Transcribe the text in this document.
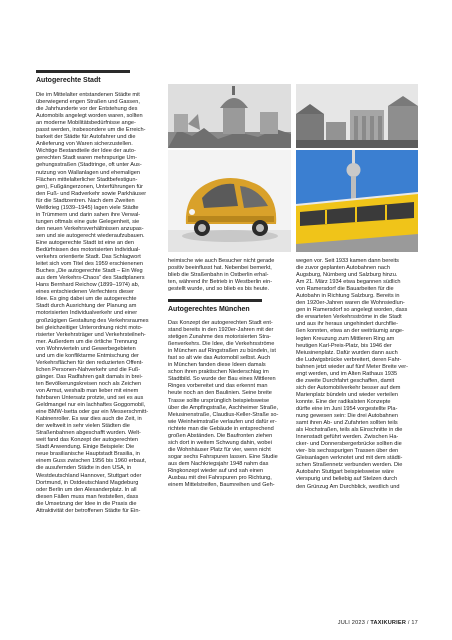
Autogerechte Stadt
Die im Mittelalter entstandenen Städte mit
überwiegend engen Straßen und Gassen,
die Jahrhunderte vor der Entstehung des
Automobils angelegt worden waren, sollten
an moderne Mobilitätsbedürfnisse ange-
passt werden, insbesondere um die Erreich-
barkeit der Städte für Autofahrer und die
Anlieferung von Waren sicherzustellen.
Wichtige Bestandteile der Idee der auto-
gerechten Stadt waren mehrspurige Um-
gehungsstraßen (Stadtringe, oft unter Aus-
nutzung von Wallanlagen und ehemaligen
Flächen mittelalterlicher Stadtbefestigun-
gen), Fußgängerzonen, Unterführungen für
den Fuß- und Radverkehr sowie Parkhäuser
für die Stadtzentren. Nach dem Zweiten
Weltkrieg (1939–1945) lagen viele Städte
in Trümmern und darin sahen ihre Verwal-
tungen oftmals eine gute Gelegenheit, sie
den neuen Verkehrsverhältnissen anzupas-
sen und sie autogerecht wiederaufzubauen.
Eine autogerechte Stadt ist eine an den
Bedürfnissen des motorisierten Individual-
verkehrs orientierte Stadt. Das Schlagwort
leitet sich vom Titel des 1959 erschienenen
Buches „Die autogerechte Stadt – Ein Weg
aus dem Verkehrs-Chaos“ des Stadtplaners
Hans Bernhard Reichow (1899–1974) ab,
eines entschiedenen Verfechters dieser
Idee. Es ging dabei um die autogerechte
Stadt durch Ausrichtung der Planung am
motorisierten Individualverkehr und einer
großzügigen Gestaltung des Verkehrsraumes
bei gleichzeitiger Unterordnung nicht moto-
risierter Verkehrsträger und Verkehrsteilneh-
mer. Außerdem um die örtliche Trennung
von Wohnvierteln und Gewerbegebieten
und um die konfliktarme Entmischung der
Verkehrsflächen für den reduzierten Öffent-
lichen Personen-Nahverkehr und die Fuß-
gänger. Das Radfahren galt damals in brei-
ten Bevölkerungskreisen noch als Zeichen
von Armut, weshalb man lieber mit einem
fahrbaren Untersatz protzte, und sei es aus
Geldmangel nur ein lachhaftes Goggomobil,
eine BMW-Isetta oder gar ein Messerschmitt-
Kabinenroller. Es war dies auch die Zeit, in
der weltweit in sehr vielen Städten die
Straßenbahnen abgeschafft wurden. Welt-
weit fand das Konzept der autogerechten
Stadt Anwendung. Einige Beispiele: Die
neue brasilianische Hauptstadt Brasilia, in
einem Guss zwischen 1956 bis 1960 erbaut,
die ausufernden Städte in den USA, in
Westdeutschland Hannover, Stuttgart oder
Dortmund, in Ostdeutschland Magdeburg
oder Berlin um den Alexanderplatz. In all
diesen Fällen muss man feststellen, dass
die Umsetzung der Idee in die Praxis die
Attraktivität der betroffenen Städte für Ein-
heimische wie auch Besucher nicht gerade
positiv beeinflusst hat. Nebenbei bemerkt,
blieb die Straßenbahn in Ostberlin erhal-
ten, während ihr Betrieb in Westberlin ein-
gestellt wurde, und so blieb es bis heute.
Autogerechtes München
Das Konzept der autogerechten Stadt ent-
stand bereits in den 1920er-Jahren mit der
stetigen Zunahme des motorisierten Stra-
ßenverkehrs. Die Idee, die Verkehrsströme
in München auf Ringstraßen zu bündeln, ist
fast so alt wie das Automobil selbst. Auch
in München fanden diese Ideen damals
schon ihren praktischen Niederschlag im
Stadtbild. So wurde der Bau eines Mittleren
Ringes vorbereitet und das erkennt man
heute noch an den Baulinien. Seine breite
Trasse sollte ursprünglich beispielsweise
über die Ampfingstraße, Aschheimer Straße,
Meiusinenstraße, Claudius-Keller-Straße so-
wie Weinheimstraße verlaufen und dafür er-
richtete man die Gebäude in entsprechend
großen Abständen. Die Baufronten ziehen
sich dort in weitem Schwung dahin, wobei
die Wohnhäuser Platz für vier, wenn nicht
sogar sechs Fahrspuren lassen. Eine Studie
aus dem Nachkriegsjahr 1948 nahm das
Ringkonzept wieder auf und sah einen
Ausbau mit drei Fahrspuren pro Richtung,
einem Mittelstreifen, Baumreihen und Geh-
wegen vor. Seit 1933 kamen dann bereits
die zuvor geplanten Autobahnen nach
Augsburg, Nürnberg und Salzburg hinzu.
Am 21. März 1934 etwa begannen südlich
von Ramersdorf die Bauarbeiten für die
Autobahn in Richtung Salzburg. Bereits in
den 1920er-Jahren waren die Wohnsiedlun-
gen in Ramersdorf so angelegt worden, dass
die erwarteten Verkehrsströme in die Stadt
und aus ihr heraus ungehindert durchflie-
ßen konnten, etwa an der weiträumig ange-
legten Kreuzung zum Mittleren Ring am
heutigen Karl-Preis-Platz, bis 1946 der
Meiusinenplatz. Dafür wurden dann auch
die Ludwigsbrücke verbreitert, deren Fahr-
bahnen jetzt wieder auf fünf Meter Breite ver-
engt werden, und im Alten Rathaus 1935
die zweite Durchfahrt geschaffen, damit
sich der Automobilverkehr besser auf dem
Marienplatz bündeln und wieder verteilen
konnte. Eine der radikalsten Konzepte
dürfte eine im Juni 1954 vorgestellte Pla-
nung gewesen sein: Die drei Autobahnen
samt ihren Ab- und Zufahrten sollten teils
als Hochstraßen, teils als Einschnitte in die
Innenstadt geführt werden. Zwischen Ha-
cker- und Donnersbergerbrücke sollten die
vier- bis sechsspurigen Trassen über den
Gleisanlagen verknotet und mit dem städti-
schen Straßennetz verbunden werden. Die
Autobahn Stuttgart beispielsweise wäre
vierspurig und beliebig auf Stelzen durch
den Grünzug Am Durchblick, westlich und
JULI 2023 / TAXIKURIER / 17
